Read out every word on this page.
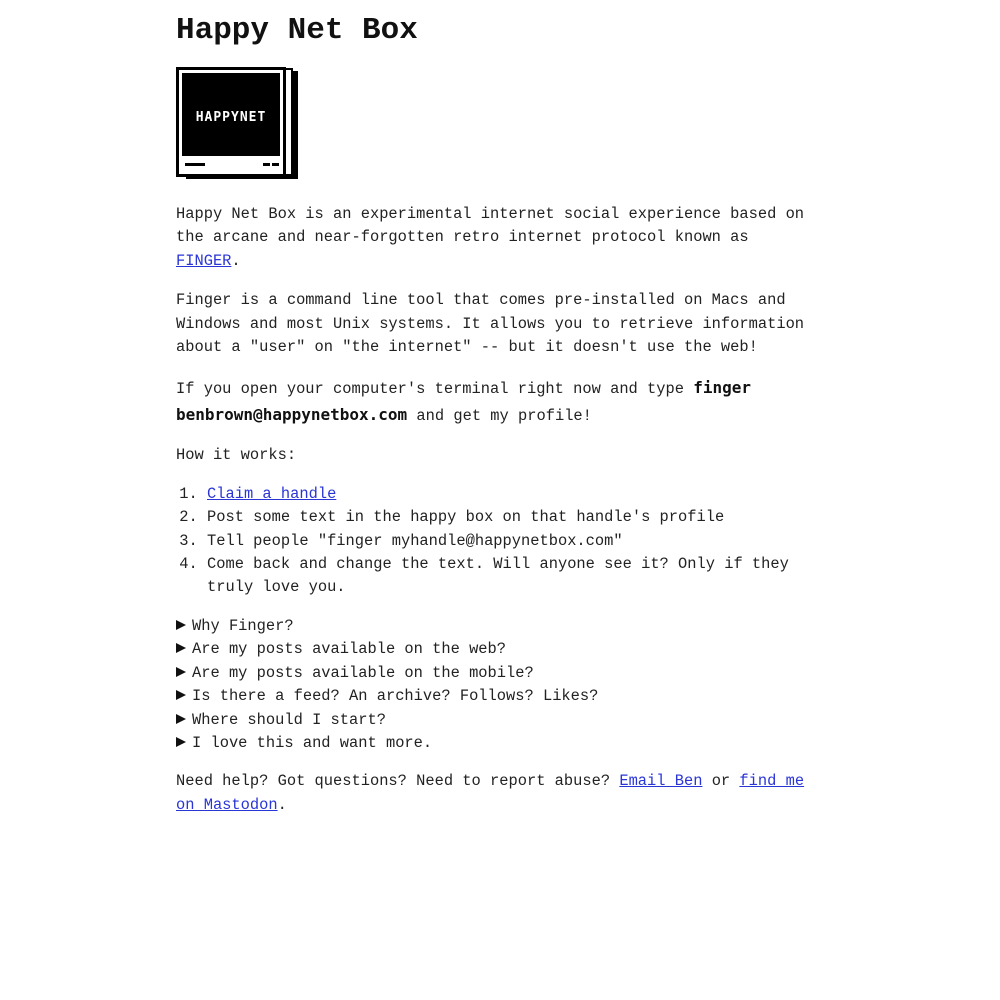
Happy Net Box
HAPPYNET

Happy Net Box is an experimental internet social experience based on the arcane and near-forgotten retro internet protocol known as FINGER.

Finger is a command line tool that comes pre-installed on Macs and Windows and most Unix systems. It allows you to retrieve information about a "user" on "the internet" -- but it doesn't use the web!

If you open your computer's terminal right now and type finger benbrown@happynetbox.com and get my profile!

How it works:

1. Claim a handle
2. Post some text in the happy box on that handle's profile
3. Tell people "finger myhandle@happynetbox.com"
4. Come back and change the text. Will anyone see it? Only if they truly love you.
Why Finger?
Are my posts available on the web?
Are my posts available on the mobile?
Is there a feed? An archive? Follows? Likes?
Where should I start?
I love this and want more.

Need help? Got questions? Need to report abuse? Email Ben or find me on Mastodon.
